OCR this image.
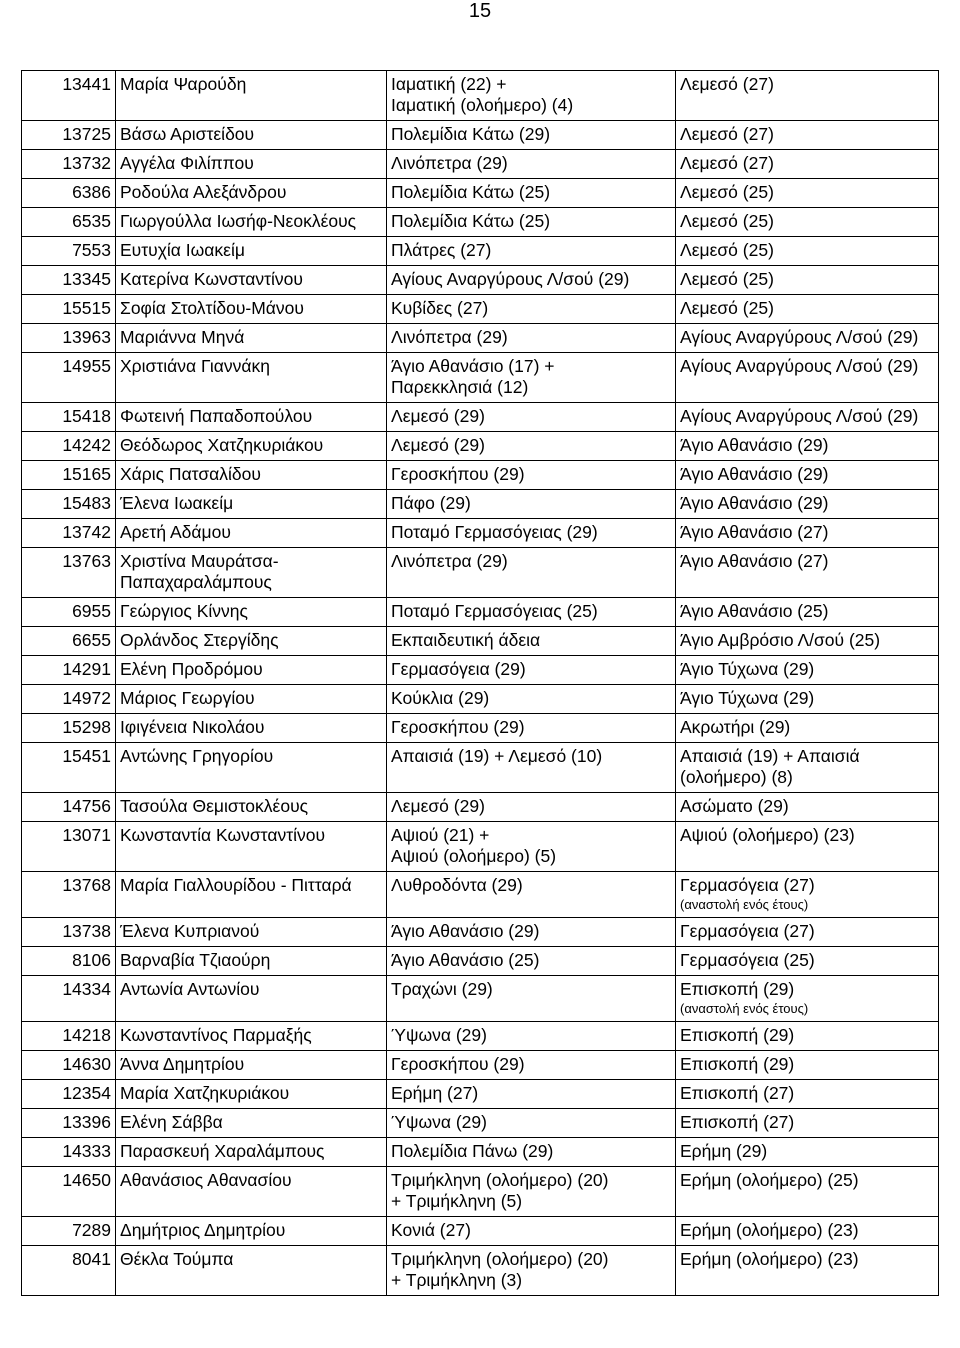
15
13441	Μαρία Ψαρούδη	Ιαματική (22) +
Ιαματική (ολοήμερο) (4)	Λεμεσό (27)

13725	Βάσω Αριστείδου	Πολεμίδια Κάτω (29)	Λεμεσό (27)

13732	Αγγέλα Φιλίππου	Λινόπετρα (29)	Λεμεσό (27)

6386	Ροδούλα Αλεξάνδρου	Πολεμίδια Κάτω (25)	Λεμεσό (25)

6535	Γιωργούλλα Ιωσήφ-Νεοκλέους	Πολεμίδια Κάτω (25)	Λεμεσό (25)

7553	Ευτυχία Ιωακείμ	Πλάτρες (27)	Λεμεσό (25)

13345	Κατερίνα Κωνσταντίνου	Αγίους Αναργύρους Λ/σού (29)	Λεμεσό (25)

15515	Σοφία Στολτίδου-Μάνου	Κυβίδες (27)	Λεμεσό (25)

13963	Μαριάννα Μηνά	Λινόπετρα (29)	Αγίους Αναργύρους Λ/σού (29)

14955	Χριστιάνα Γιαννάκη	Άγιο Αθανάσιο (17) +
Παρεκκλησιά (12)	Αγίους Αναργύρους Λ/σού (29)

15418	Φωτεινή Παπαδοπούλου	Λεμεσό (29)	Αγίους Αναργύρους Λ/σού (29)

14242	Θεόδωρος Χατζηκυριάκου	Λεμεσό (29)	Άγιο Αθανάσιο (29)

15165	Χάρις Πατσαλίδου	Γεροσκήπου (29)	Άγιο Αθανάσιο (29)

15483	Έλενα Ιωακείμ	Πάφο (29)	Άγιο Αθανάσιο (29)

13742	Αρετή Αδάμου	Ποταμό Γερμασόγειας (29)	Άγιο Αθανάσιο (27)

13763	Χριστίνα Μαυράτσα-Παπαχαραλάμπους	Λινόπετρα (29)	Άγιο Αθανάσιο (27)

6955	Γεώργιος Κίννης	Ποταμό Γερμασόγειας (25)	Άγιο Αθανάσιο (25)

6655	Ορλάνδος Στεργίδης	Εκπαιδευτική άδεια	Άγιο Αμβρόσιο Λ/σού (25)

14291	Ελένη Προδρόμου	Γερμασόγεια (29)	Άγιο Τύχωνα (29)

14972	Μάριος Γεωργίου	Κούκλια (29)	Άγιο Τύχωνα (29)

15298	Ιφιγένεια Νικολάου	Γεροσκήπου (29)	Ακρωτήρι (29)

15451	Αντώνης Γρηγορίου	Απαισιά (19) + Λεμεσό (10)	Απαισιά (19) + Απαισιά (ολοήμερο) (8)

14756	Τασούλα Θεμιστοκλέους	Λεμεσό (29)	Ασώματο (29)

13071	Κωνσταντία Κωνσταντίνου	Αψιού (21) +
Αψιού (ολοήμερο) (5)	Αψιού (ολοήμερο) (23)

13768	Μαρία Γιαλλουρίδου - Πιτταρά	Λυθροδόντα (29)	Γερμασόγεια (27)
(αναστολή ενός έτους)

13738	Έλενα Κυπριανού	Άγιο Αθανάσιο (29)	Γερμασόγεια (27)

8106	Βαρναβία Τζιαούρη	Άγιο Αθανάσιο (25)	Γερμασόγεια (25)

14334	Αντωνία Αντωνίου	Τραχώνι (29)	Επισκοπή (29)
(αναστολή ενός έτους)

14218	Κωνσταντίνος Παρμαξής	Ύψωνα (29)	Επισκοπή (29)

14630	Άννα Δημητρίου	Γεροσκήπου (29)	Επισκοπή (29)

12354	Μαρία Χατζηκυριάκου	Ερήμη (27)	Επισκοπή (27)

13396	Ελένη Σάββα	Ύψωνα (29)	Επισκοπή (27)

14333	Παρασκευή Χαραλάμπους	Πολεμίδια Πάνω (29)	Ερήμη (29)

14650	Αθανάσιος Αθανασίου	Τριμήκληνη (ολοήμερο) (20)
+ Τριμήκληνη (5)	Ερήμη (ολοήμερο) (25)

7289	Δημήτριος Δημητρίου	Κονιά (27)	Ερήμη (ολοήμερο) (23)

8041	Θέκλα Τούμπα	Τριμήκληνη (ολοήμερο) (20)
+ Τριμήκληνη (3)	Ερήμη (ολοήμερο) (23)
